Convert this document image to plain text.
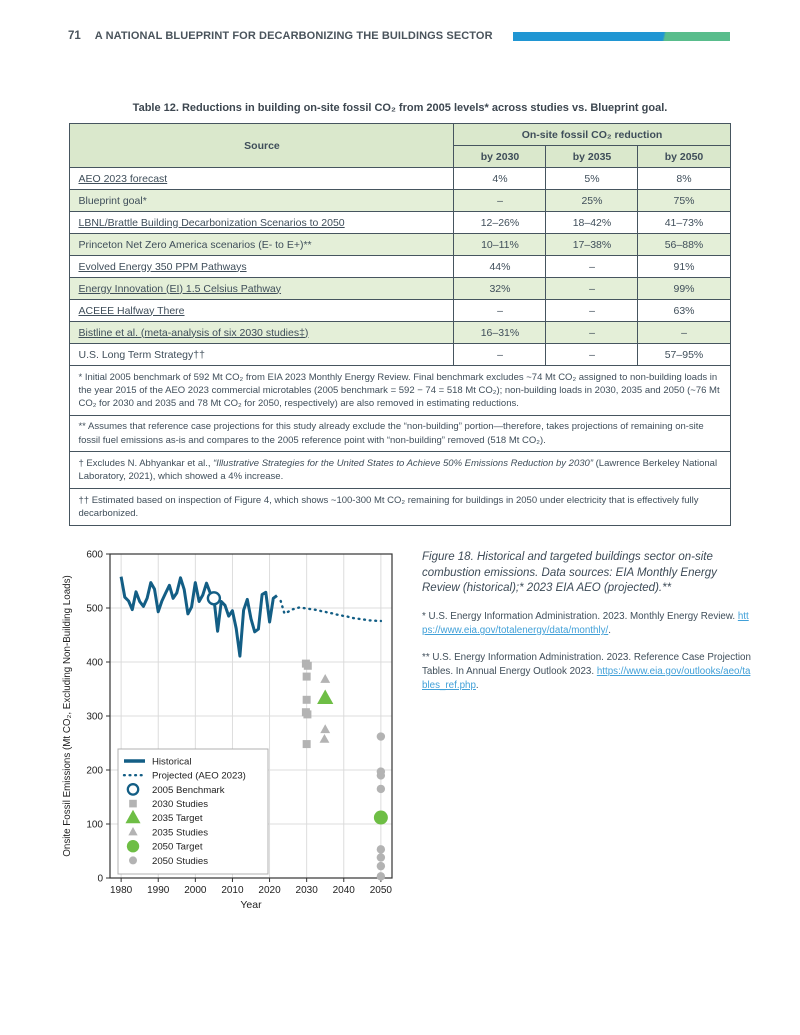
71 A NATIONAL BLUEPRINT FOR DECARBONIZING THE BUILDINGS SECTOR
Table 12. Reductions in building on-site fossil CO₂ from 2005 levels* across studies vs. Blueprint goal.
Source	On-site fossil CO₂ reduction		
	by 2030	by 2035	by 2050
AEO 2023 forecast	4%	5%	8%
Blueprint goal*	–	25%	75%
LBNL/Brattle Building Decarbonization Scenarios to 2050	12–26%	18–42%	41–73%
Princeton Net Zero America scenarios (E- to E+)**	10–11%	17–38%	56–88%
Evolved Energy 350 PPM Pathways	44%	–	91%
Energy Innovation (EI) 1.5 Celsius Pathway	32%	–	99%
ACEEE Halfway There	–	–	63%
Bistline et al. (meta-analysis of six 2030 studies‡)	16–31%	–	–
U.S. Long Term Strategy††	–	–	57–95%
* Initial 2005 benchmark of 592 Mt CO₂ from EIA 2023 Monthly Energy Review. Final benchmark excludes ~74 Mt CO₂ assigned to non-building loads in the year 2015 of the AEO 2023 commercial microtables (2005 benchmark = 592 − 74 = 518 Mt CO₂); non-building loads in 2030, 2035 and 2050 (~76 Mt CO₂ for 2030 and 2035 and 78 Mt CO₂ for 2050, respectively) are also removed in estimating reductions.			
** Assumes that reference case projections for this study already exclude the “non-building” portion—therefore, takes projections of remaining on-site fossil fuel emissions as-is and compares to the 2005 reference point with “non-building” removed (518 Mt CO₂).			
† Excludes N. Abhyankar et al., “Illustrative Strategies for the United States to Achieve 50% Emissions Reduction by 2030” (Lawrence Berkeley National Laboratory, 2021), which showed a 4% increase.			
†† Estimated based on inspection of Figure 4, which shows ~100-300 Mt CO₂ remaining for buildings in 2050 under electricity that is effectively fully decarbonized.			
1980 1990 2000 2010 2020 2030 2040 2050
0
100
200
300
400
500
600
Year
Onsite Fossil Emissions (Mt CO₂, Excluding Non-Building Loads)	Historical
Projected (AEO 2023)
2005 Benchmark
2030 Studies
2035 Target
2035 Studies
2050 Target
2050 Studies
Figure 18. Historical and targeted buildings sector on-site combustion emissions. Data sources: EIA Monthly Energy Review (historical);* 2023 EIA AEO (projected).**
* U.S. Energy Information Administration. 2023. Monthly Energy Review. https://www.eia.gov/totalenergy/data/monthly/.
** U.S. Energy Information Administration. 2023. Reference Case Projection Tables. In Annual Energy Outlook 2023. https://www.eia.gov/outlooks/aeo/tables_ref.php.
